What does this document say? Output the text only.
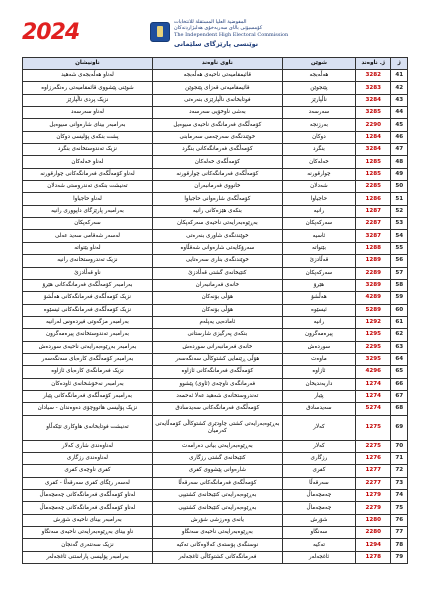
2024	المفوضية العليا المستقلة للانتخابات
كۆمسیۆنی باڵای سەربەخۆی هەڵبژاردنەکان
The Independent High Electoral Commission
نوێنسی پارێزگای سلێمانی
ناونیشان	ناوی ناوەند	شوێن	ژ. ناوەند	ژ
لەناو هەڵەبجەی شەهید	قائیمقامیەتی ناحیەی هەڵەبجە	هەڵەبجە	3282	41
شوێنی پێشووی قائمقامیەتی رەنگەرزاوە	قائیمقامیەتی قەزای پێنجوێن	پێنجوێن	3283	42
نزیک پردی ناڵپارێز	فوتابخانەی ناڵپارێزی بنەرەتی	ناڵپارێز	3284	43
لەناو سەرسەد	بەشی ناوخۆیی سەرسەد	سەرسەد	3285	44
بەرامبەر بینای شارەوانی سیوەیل	کۆمەڵگەی فەرمانگەی ناحیەی سیوەیل	بەرزنجە	2290	45
پشت بنکەی پۆلیسی دوکان	خوێندنگەی سەرچەمی سەرمابنی	دوکان	1284	46
نزیک تەندوستخانەی بنگرد	کۆمەڵگەی فەرمانگەکانی بنگرد	بنگرد	3284	47
لەناو خەلەکان	کۆمەڵگەی خەلەکان	خەلەکان	1285	48
لەناو کۆمەڵگەی فەرمانگەکانی چوارقورنە	کۆمەڵگەی فەرمانگەکانی چوارقورنە	چوارقورنە	1285	49
تەنیشت بنکەی تەندروستی شەدلان	خانووی فەرمانبەران	شەدلان	2285	50
لەناو حاجیاوا	کۆمەڵگەی شارەوانی حاجیاوا	حاجیاوا	1286	51
بەرامبەر پارێزگای داپووری رانیە	بنکەی هێزەکانی رانیە	رانیە	1287	52
سەرکەپکان	بەڕێوەبەرایەتی ناحیەی سەرکەپکان	سەرکەپکان	2287	53
لەسەر شەقامی سەید عەلی	خوێندنگەی شاوری بنەرەتی	ئاسیە	3287	54
لەناو بێتواتە	سەرۆکایەتی شارەوانی شەقڵاوە	بێتواتە	1288	55
نزیک تەندروستخانەی رانیە	خوێندنگەی بناری سەرەتایی	قەڵادزێ	1289	56
ناو قەڵادزێ	کتێبخانەی گشتی قەڵادزێ	سەرکەپکان	2289	57
بەرامبەر کۆمەڵگەی فەرمانگەکانی هێرۆ	خانەی فەرمانبەران	هێرۆ	3289	58
نزیک کۆمەڵگەی فەرمانگەکانی هەڵشۆ	هۆڵی بۆنەکان	هەڵشۆ	4289	59
نزیک کۆمەڵگەی فەرمانگەکانی ئیسێوە	هۆڵی بۆنەکان	ئیسێوە	5289	60
بەرامبەر مزگەوتی فیردەوس لەرانیە	ئامادەیی یەپلەم	رانیە	1292	61
بەرامبەر تەندوستخانەی پیرەمەگرون	بنکەی پەرگیزی شارستانی	پیرەمەگرون	1295	62
بەرامبەر بەڕێوەبەرایەتی ناحیەی سوردەش	خانەی فەرمانبەرانی سوردەش	سوردەش	2295	63
بەرامبەر کۆمەڵگەی کارەبای سەنگەسەر	هۆڵی ڕێنمایی کشتوکاڵی سەنگەسەر	ماوەت	3295	64
نزیک فەرمانگەی کارەبای ئازاوە	کۆمەڵگەی فەرمانگەکانی ئازاوە	ئازاوە	4296	65
بەرامبەر نەخۆشخانەی ئاودەکان	فەرمانگەی ناوچەی (ئاوی) پێشوو	داربەندیخان	1274	66
بەرامبەر کۆمەڵگەی فەرمانگەکانی پێبار	تەندروستخانەی شەهید عەلا ئەحمەد	پێبار	1274	67
نزیک پۆلیسی هاتووچۆی دەوەندان - سیادان	کۆمەڵگەی فەرمانگەکانی سەیدسادق	سەیدسادق	5274	68
تەنیشت فوتابخانەی هاوکاری تێکەڵاو	بەڕێوەبەرایەتی کشتی چاودێری کشتوکاڵی کۆمەڵایەتی کەرمیان	کەلار	1275	69
لەناوەندی شاری کەلار	بەڕێوەبەرایەتی بیانی دەرامەت	کەلار	2275	70
لەناوەندی رزگاری	کتێبخانەی گشتی رزگاری	رزگاری	1276	71
کفری ناوچەی کفری	شارەوانی پێشووی کفری	کفری	1277	72
لەسەر رێگای کفری سەرقەڵا - کفری	کۆمەڵگەی فەرمانگەکانی سەرقەڵا	سەرقەڵا	2277	73
لەناو کۆمەڵگەی فەرمانگەکانی چەمچەماڵ	بەڕێوەبەرایەتی کتێبخانەی کشتیپی	چەمچەماڵ	1279	74
لەناو کۆمەڵگەی فەرمانگەکانی چەمچەماڵ	بەڕێوەبەرایەتی کتێبخانەی کشتیپی	چەمچەماڵ	2279	75
بەرامبەر بینای ناحیەی شۆرش	یانەی وەرزشی شۆرش	شۆرش	1280	76
ناو بینای بەڕێوەبەرایەتی ناحیەی سەنگاو	بەڕێوەبەرایەتی ناحیەی سەنگاو	سەنگاو	2280	77
نزیک سەنتەری گەنجان	نوسنگەی پۆستەی کەلاوەکانی تەکیە	تەکیە	1294	78
بەرامبەر پۆلیسی پاراستنی ئاغجەلەر	فەرمانگەکانی کشتوکاڵی ئاغجەلەر	ئاغجەلەر	1278	79
